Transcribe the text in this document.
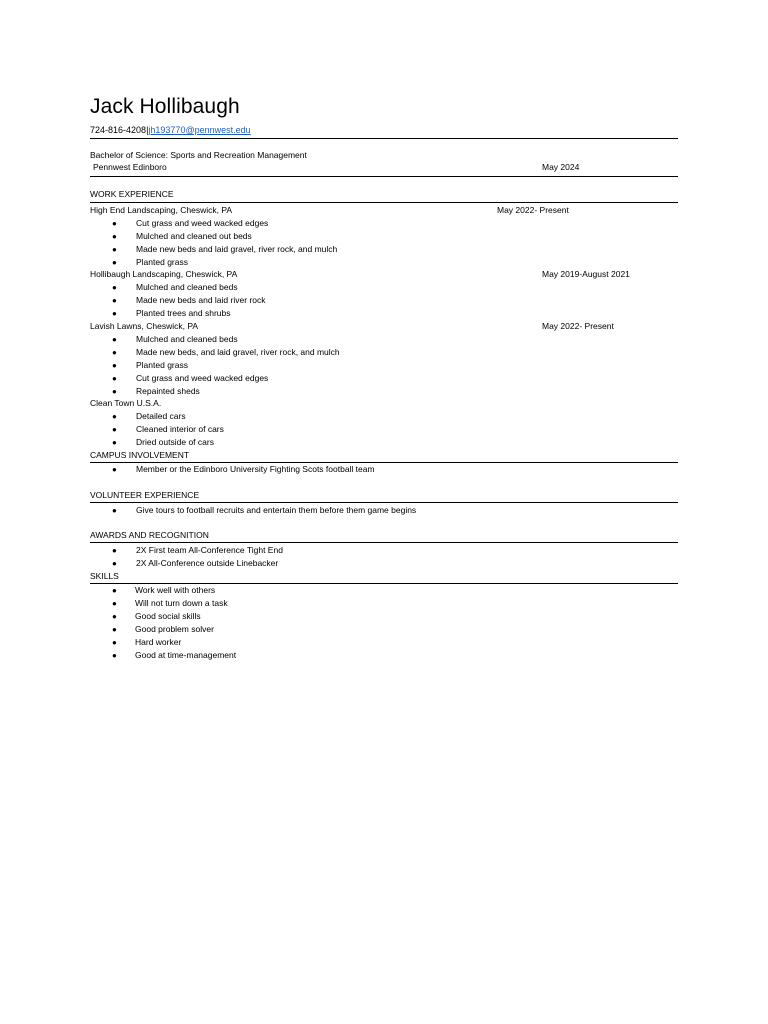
Jack Hollibaugh
724-816-4208|jh193770@pennwest.edu
Bachelor of Science: Sports and Recreation Management
Pennwest Edinboro	May 2024
WORK EXPERIENCE
High End Landscaping, Cheswick, PA	May 2022- Present
● Cut grass and weed wacked edges
● Mulched and cleaned out beds
● Made new beds and laid gravel, river rock, and mulch
● Planted grass
Hollibaugh Landscaping, Cheswick, PA	May 2019-August 2021
● Mulched and cleaned beds
● Made new beds and laid river rock
● Planted trees and shrubs
Lavish Lawns, Cheswick, PA	May 2022- Present
● Mulched and cleaned beds
● Made new beds, and laid gravel, river rock, and mulch
● Planted grass
● Cut grass and weed wacked edges
● Repainted sheds
Clean Town U.S.A.
● Detailed cars
● Cleaned interior of cars
● Dried outside of cars
CAMPUS INVOLVEMENT
● Member or the Edinboro University Fighting Scots football team
VOLUNTEER EXPERIENCE
● Give tours to football recruits and entertain them before them game begins
AWARDS AND RECOGNITION
● 2X First team All-Conference Tight End
● 2X All-Conference outside Linebacker
SKILLS
● Work well with others
● Will not turn down a task
● Good social skills
● Good problem solver
● Hard worker
● Good at time-management
